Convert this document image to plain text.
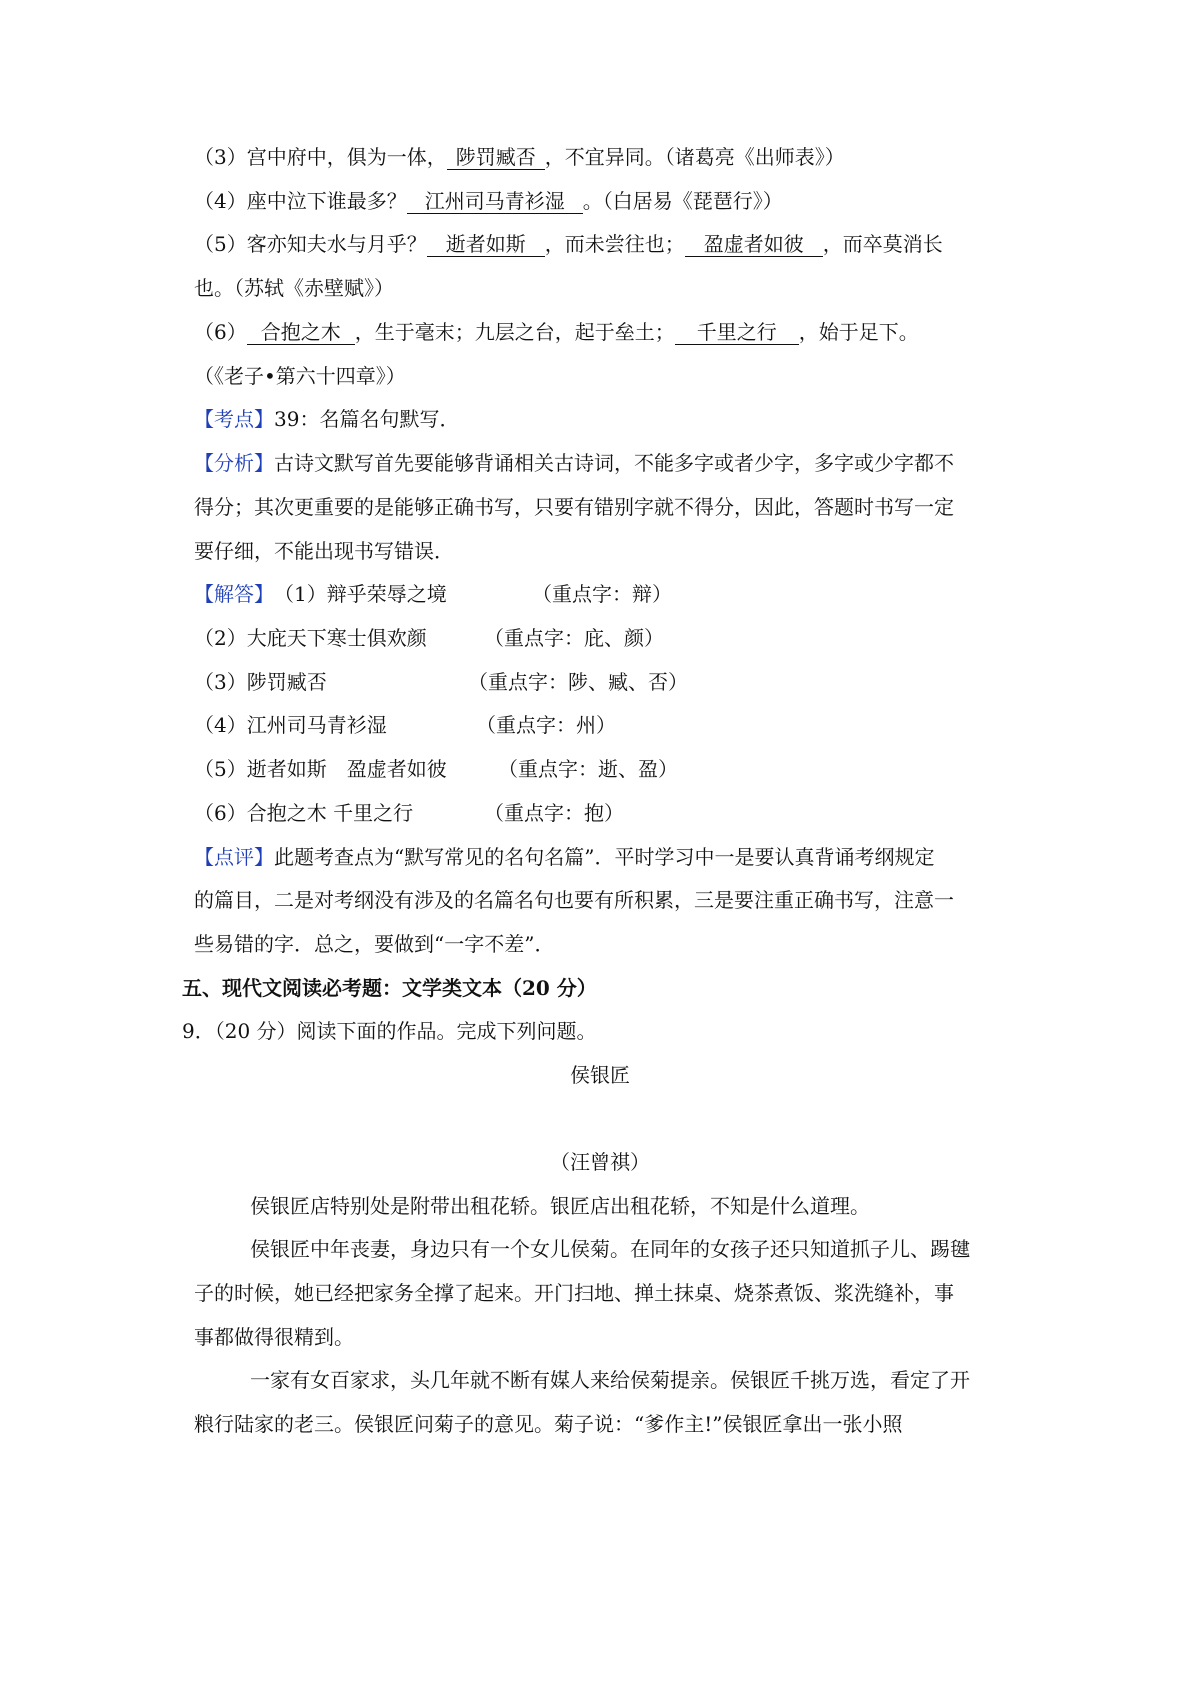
（3）宫中府中，俱为一体， 陟罚臧否 ，不宜异同。（诸葛亮《出师表》）
（4）座中泣下谁最多？ 江州司马青衫湿 。（白居易《琵琶行》）
（5）客亦知夫水与月乎？ 逝者如斯 ，而未尝往也； 盈虚者如彼 ，而卒莫消长
也。（苏轼《赤壁赋》）
（6） 合抱之木 ，生于毫末；九层之台，起于垒土； 千里之行 ，始于足下。
（《老子•第六十四章》）
【考点】39：名篇名句默写．
【分析】古诗文默写首先要能够背诵相关古诗词，不能多字或者少字，多字或少字都不
得分；其次更重要的是能够正确书写，只要有错别字就不得分，因此，答题时书写一定
要仔细，不能出现书写错误．
【解答】（1）辩乎荣辱之境	（重点字：辩）
（2）大庇天下寒士俱欢颜	（重点字：庇、颜）
（3）陟罚臧否	（重点字：陟、臧、否）
（4）江州司马青衫湿	（重点字：州）
（5）逝者如斯　盈虚者如彼	（重点字：逝、盈）
（6）合抱之木 千里之行	（重点字：抱）
【点评】此题考查点为“默写常见的名句名篇”．平时学习中一是要认真背诵考纲规定
的篇目，二是对考纲没有涉及的名篇名句也要有所积累，三是要注重正确书写，注意一
些易错的字．总之，要做到“一字不差”．
五、现代文阅读必考题：文学类文本（20 分）
9．（20 分）阅读下面的作品。完成下列问题。
侯银匠
（汪曾祺）
侯银匠店特别处是附带出租花轿。银匠店出租花轿，不知是什么道理。
侯银匠中年丧妻，身边只有一个女儿侯菊。在同年的女孩子还只知道抓子儿、踢毽
子的时候，她已经把家务全撑了起来。开门扫地、掸土抹桌、烧茶煮饭、浆洗缝补，事
事都做得很精到。
一家有女百家求，头几年就不断有媒人来给侯菊提亲。侯银匠千挑万选，看定了开
粮行陆家的老三。侯银匠问菊子的意见。菊子说：“爹作主!”侯银匠拿出一张小照
